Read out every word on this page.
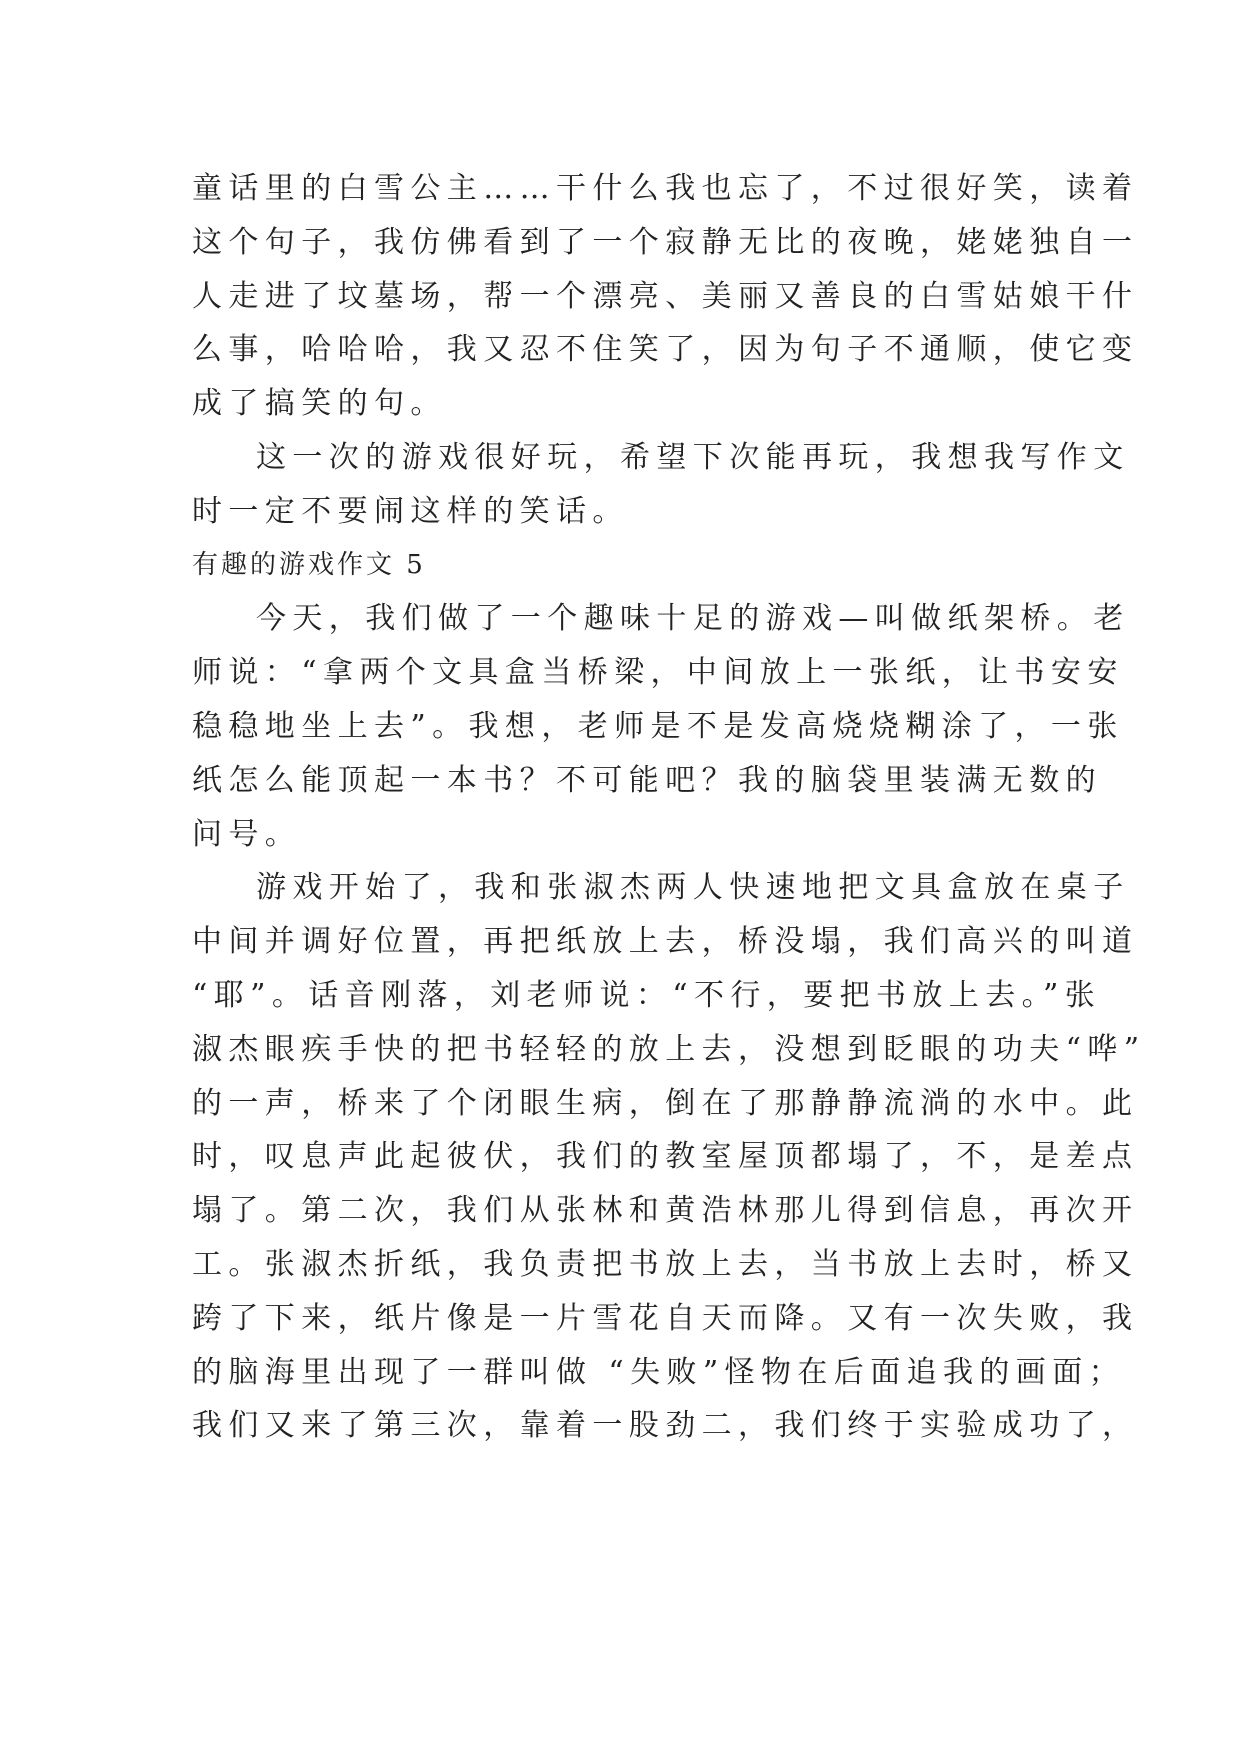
童话里的白雪公主……干什么我也忘了，不过很好笑，读着
这个句子，我仿佛看到了一个寂静无比的夜晚，姥姥独自一
人走进了坟墓场，帮一个漂亮、美丽又善良的白雪姑娘干什
么事，哈哈哈，我又忍不住笑了，因为句子不通顺，使它变
成了搞笑的句。
这一次的游戏很好玩，希望下次能再玩，我想我写作文
时一定不要闹这样的笑话。
有趣的游戏作文 5
今天，我们做了一个趣味十足的游戏—叫做纸架桥。老
师说：“拿两个文具盒当桥梁，中间放上一张纸，让书安安
稳稳地坐上去”。我想，老师是不是发高烧烧糊涂了，一张
纸怎么能顶起一本书？不可能吧？我的脑袋里装满无数的
问号。
游戏开始了，我和张淑杰两人快速地把文具盒放在桌子
中间并调好位置，再把纸放上去，桥没塌，我们高兴的叫道
“耶”。话音刚落，刘老师说：“不行，要把书放上去。”张
淑杰眼疾手快的把书轻轻的放上去，没想到眨眼的功夫“哗”
的一声，桥来了个闭眼生病，倒在了那静静流淌的水中。此
时，叹息声此起彼伏，我们的教室屋顶都塌了，不，是差点
塌了。第二次，我们从张林和黄浩林那儿得到信息，再次开
工。张淑杰折纸，我负责把书放上去，当书放上去时，桥又
跨了下来，纸片像是一片雪花自天而降。又有一次失败，我
的脑海里出现了一群叫做 “失败”怪物在后面追我的画面；
我们又来了第三次，靠着一股劲二，我们终于实验成功了，
